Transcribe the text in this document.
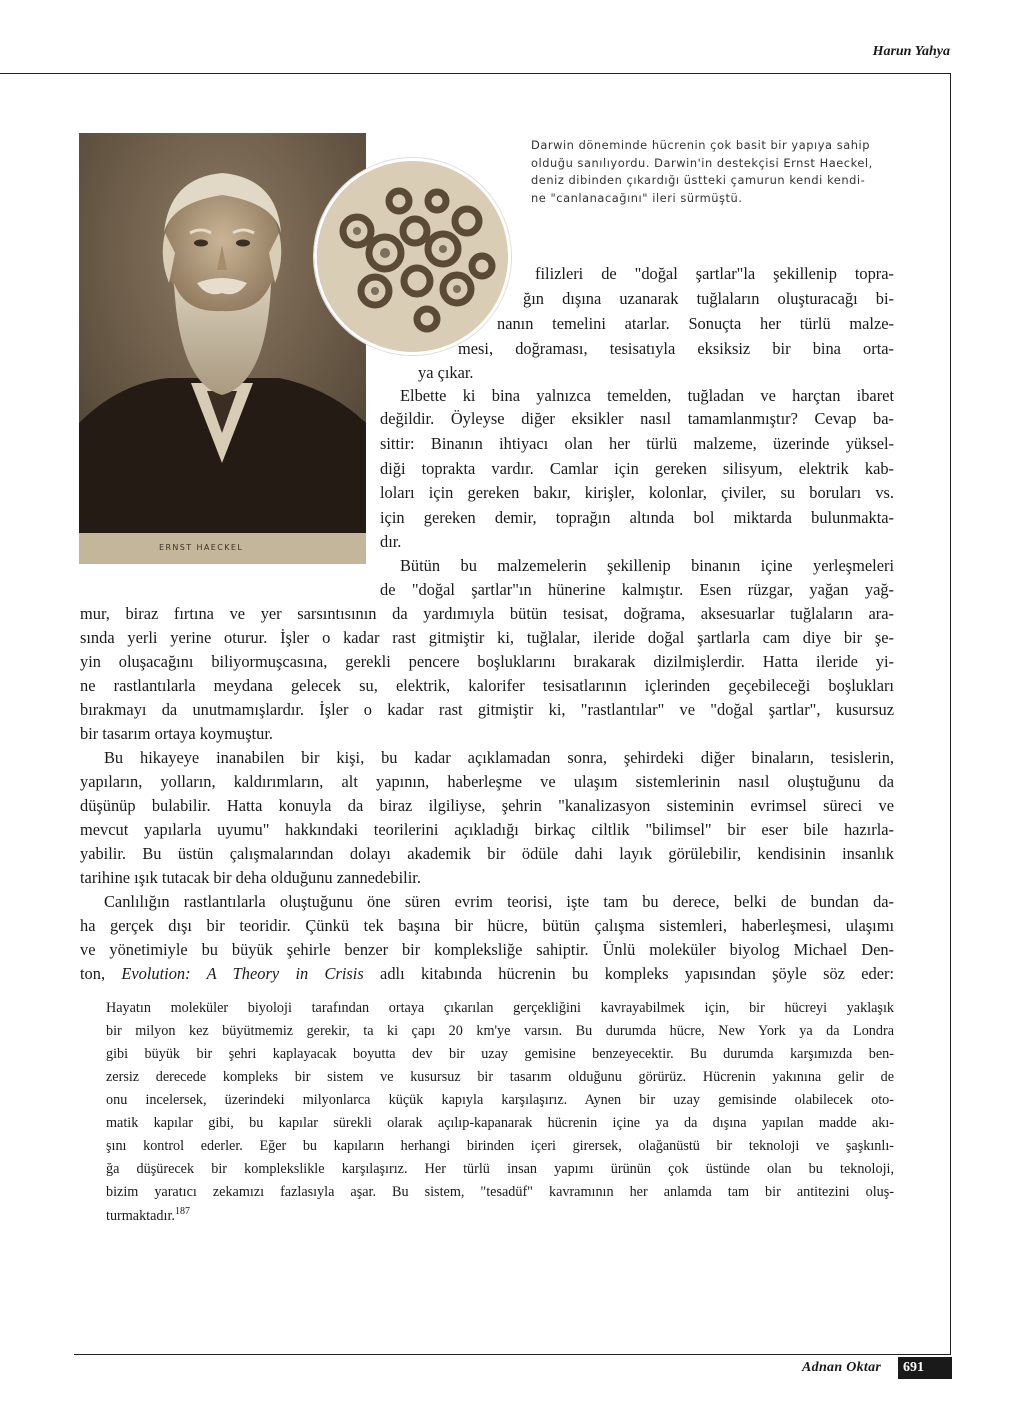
Harun Yahya
ERNST HAECKEL
Darwin döneminde hücrenin çok basit bir yapıya sahip
olduğu sanılıyordu. Darwin'in destekçisi Ernst Haeckel,
deniz dibinden çıkardığı üstteki çamurun kendi kendi-
ne "canlanacağını" ileri sürmüştü.
filizleri de "doğal şartlar"la şekillenip topra-
ğın dışına uzanarak tuğlaların oluşturacağı bi-
nanın temelini atarlar. Sonuçta her türlü malze-
mesi, doğraması, tesisatıyla eksiksiz bir bina orta-
ya çıkar.
Elbette ki bina yalnızca temelden, tuğladan ve harçtan ibaret
değildir. Öyleyse diğer eksikler nasıl tamamlanmıştır? Cevap ba-
sittir: Binanın ihtiyacı olan her türlü malzeme, üzerinde yüksel-
diği toprakta vardır. Camlar için gereken silisyum, elektrik kab-
loları için gereken bakır, kirişler, kolonlar, çiviler, su boruları vs.
için gereken demir, toprağın altında bol miktarda bulunmakta-
dır.
Bütün bu malzemelerin şekillenip binanın içine yerleşmeleri
de "doğal şartlar"ın hünerine kalmıştır. Esen rüzgar, yağan yağ-
mur, biraz fırtına ve yer sarsıntısının da yardımıyla bütün tesisat, doğrama, aksesuarlar tuğlaların ara-
sında yerli yerine oturur. İşler o kadar rast gitmiştir ki, tuğlalar, ileride doğal şartlarla cam diye bir şe-
yin oluşacağını biliyormuşcasına, gerekli pencere boşluklarını bırakarak dizilmişlerdir. Hatta ileride yi-
ne rastlantılarla meydana gelecek su, elektrik, kalorifer tesisatlarının içlerinden geçebileceği boşlukları
bırakmayı da unutmamışlardır. İşler o kadar rast gitmiştir ki, "rastlantılar" ve "doğal şartlar", kusursuz
bir tasarım ortaya koymuştur.
Bu hikayeye inanabilen bir kişi, bu kadar açıklamadan sonra, şehirdeki diğer binaların, tesislerin,
yapıların, yolların, kaldırımların, alt yapının, haberleşme ve ulaşım sistemlerinin nasıl oluştuğunu da
düşünüp bulabilir. Hatta konuyla da biraz ilgiliyse, şehrin "kanalizasyon sisteminin evrimsel süreci ve
mevcut yapılarla uyumu" hakkındaki teorilerini açıkladığı birkaç ciltlik "bilimsel" bir eser bile hazırla-
yabilir. Bu üstün çalışmalarından dolayı akademik bir ödüle dahi layık görülebilir, kendisinin insanlık
tarihine ışık tutacak bir deha olduğunu zannedebilir.
Canlılığın rastlantılarla oluştuğunu öne süren evrim teorisi, işte tam bu derece, belki de bundan da-
ha gerçek dışı bir teoridir. Çünkü tek başına bir hücre, bütün çalışma sistemleri, haberleşmesi, ulaşımı
ve yönetimiyle bu büyük şehirle benzer bir kompleksliğe sahiptir. Ünlü moleküler biyolog Michael Den-
ton, Evolution: A Theory in Crisis adlı kitabında hücrenin bu kompleks yapısından şöyle söz eder:
Hayatın moleküler biyoloji tarafından ortaya çıkarılan gerçekliğini kavrayabilmek için, bir hücreyi yaklaşık
bir milyon kez büyütmemiz gerekir, ta ki çapı 20 km'ye varsın. Bu durumda hücre, New York ya da Londra
gibi büyük bir şehri kaplayacak boyutta dev bir uzay gemisine benzeyecektir. Bu durumda karşımızda ben-
zersiz derecede kompleks bir sistem ve kusursuz bir tasarım olduğunu görürüz. Hücrenin yakınına gelir de
onu incelersek, üzerindeki milyonlarca küçük kapıyla karşılaşırız. Aynen bir uzay gemisinde olabilecek oto-
matik kapılar gibi, bu kapılar sürekli olarak açılıp-kapanarak hücrenin içine ya da dışına yapılan madde akı-
şını kontrol ederler. Eğer bu kapıların herhangi birinden içeri girersek, olağanüstü bir teknoloji ve şaşkınlı-
ğa düşürecek bir komplekslikle karşılaşırız. Her türlü insan yapımı ürünün çok üstünde olan bu teknoloji,
bizim yaratıcı zekamızı fazlasıyla aşar. Bu sistem, "tesadüf" kavramının her anlamda tam bir antitezini oluş-
turmaktadır.$^{187}$
Adnan Oktar	691
